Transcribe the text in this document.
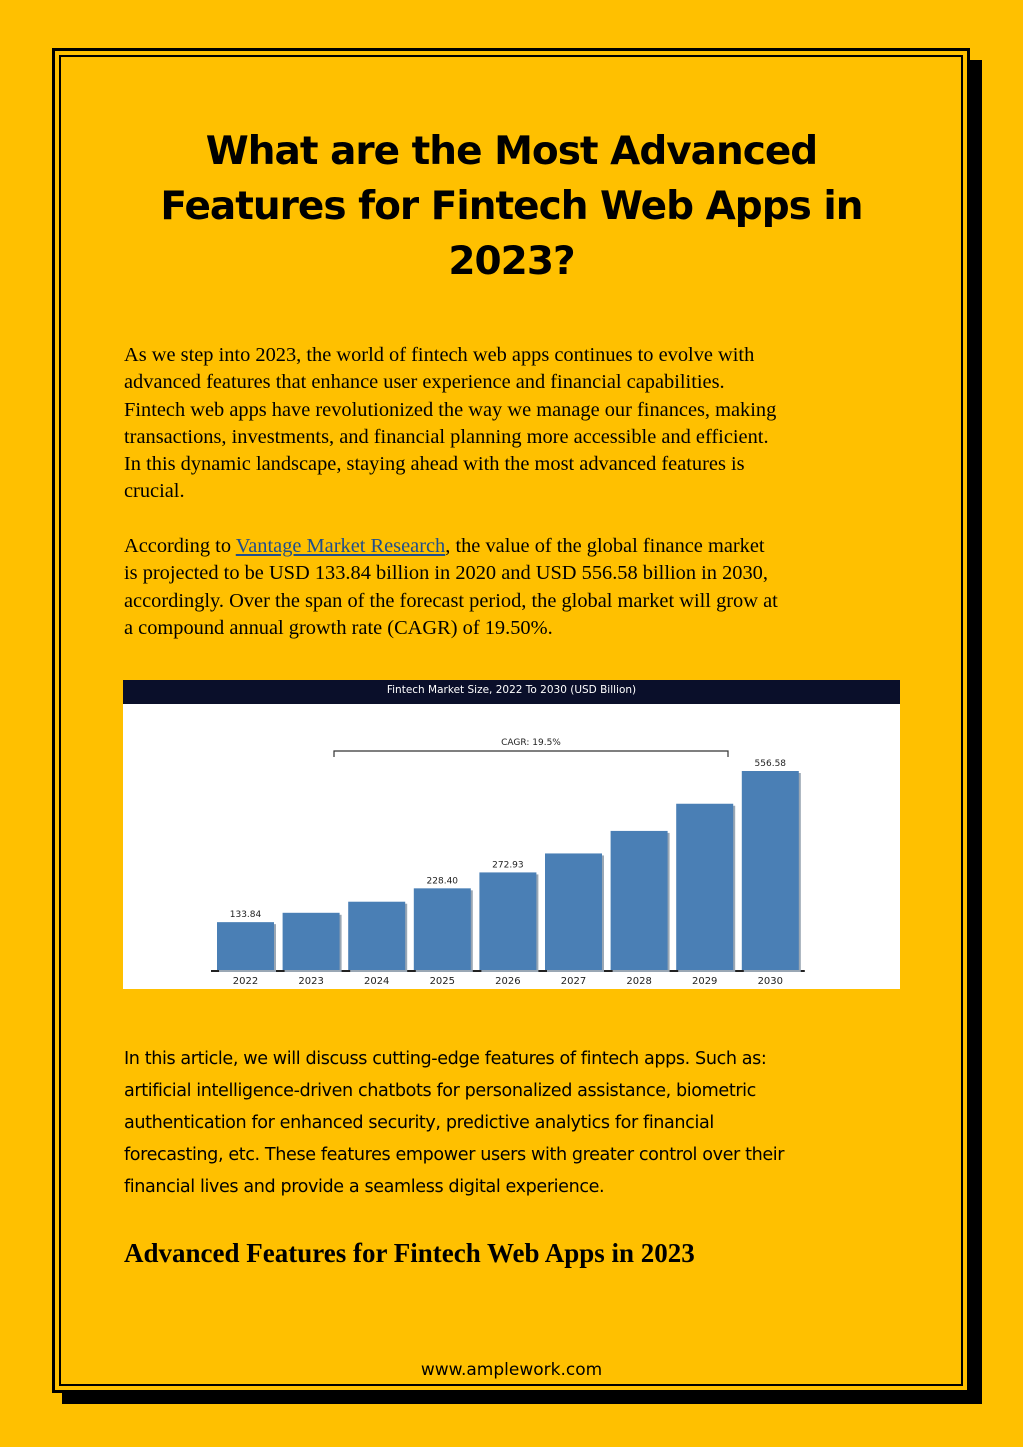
What are the Most Advanced
Features for Fintech Web Apps in
2023?

As we step into 2023, the world of fintech web apps continues to evolve with
advanced features that enhance user experience and financial capabilities.
Fintech web apps have revolutionized the way we manage our finances, making
transactions, investments, and financial planning more accessible and efficient.
In this dynamic landscape, staying ahead with the most advanced features is
crucial.

According to Vantage Market Research, the value of the global finance market
is projected to be USD 133.84 billion in 2020 and USD 556.58 billion in 2030,
accordingly. Over the span of the forecast period, the global market will grow at
a compound annual growth rate (CAGR) of 19.50%.

Fintech Market Size, 2022 To 2030 (USD Billion)
2022
133.84
2023	2024	2025
228.40
2026
272.93
2027	2028	2029	2030
556.58
CAGR: 19.5%

In this article, we will discuss cutting-edge features of fintech apps. Such as:
artificial intelligence-driven chatbots for personalized assistance, biometric
authentication for enhanced security, predictive analytics for financial
forecasting, etc. These features empower users with greater control over their
financial lives and provide a seamless digital experience.

Advanced Features for Fintech Web Apps in 2023
www.amplework.com
